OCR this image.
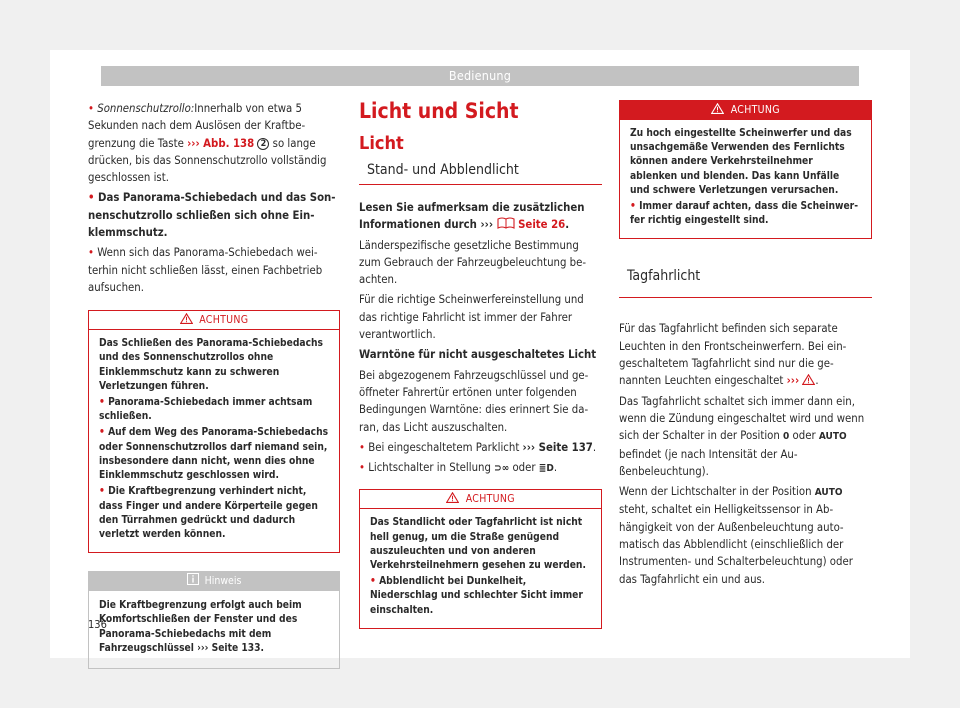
Bedienung

• Sonnenschutzrollo:Innerhalb von etwa 5 Sekunden nach dem Auslösen der Kraftbegrenzung die Taste ››› Abb. 138 2 so lange drücken, bis das Sonnenschutzrollo vollständig geschlossen ist.

• Das Panorama-Schiebedach und das Sonnenschutzrollo schließen sich ohne Einklemmschutz.

• Wenn sich das Panorama-Schiebedach weiterhin nicht schließen lässt, einen Fachbetrieb aufsuchen.

ACHTUNG

Das Schließen des Panorama-Schiebedachs und des Sonnenschutzrollos ohne Einklemmschutz kann zu schweren Verletzungen führen.

• Panorama-Schiebedach immer achtsam schließen.

• Auf dem Weg des Panorama-Schiebedachs oder Sonnenschutzrollos darf niemand sein, insbesondere dann nicht, wenn dies ohne Einklemmschutz geschlossen wird.

• Die Kraftbegrenzung verhindert nicht, dass Finger und andere Körperteile gegen den Türrahmen gedrückt und dadurch verletzt werden können.

Hinweis

Die Kraftbegrenzung erfolgt auch beim Komfortschließen der Fenster und des Panorama-Schiebedachs mit dem Fahrzeugschlüssel ››› Seite 133.

Licht und Sicht
Licht
Stand- und Abblendlicht

Lesen Sie aufmerksam die zusätzlichen Informationen durch ››› Seite 26.

Länderspezifische gesetzliche Bestimmung zum Gebrauch der Fahrzeugbeleuchtung beachten.

Für die richtige Scheinwerfereinstellung und das richtige Fahrlicht ist immer der Fahrer verantwortlich.

Warntöne für nicht ausgeschaltetes Licht

Bei abgezogenem Fahrzeugschlüssel und geöffneter Fahrertür ertönen unter folgenden Bedingungen Warntöne: dies erinnert Sie daran, das Licht auszuschalten.

• Bei eingeschaltetem Parklicht ››› Seite 137.

• Lichtschalter in Stellung ⊃∞ oder ≣D.

ACHTUNG

Das Standlicht oder Tagfahrlicht ist nicht hell genug, um die Straße genügend auszuleuchten und von anderen Verkehrsteilnehmern gesehen zu werden.

• Abblendlicht bei Dunkelheit, Niederschlag und schlechter Sicht immer einschalten.

ACHTUNG

Zu hoch eingestellte Scheinwerfer und das unsachgemäße Verwenden des Fernlichts können andere Verkehrsteilnehmer ablenken und blenden. Das kann Unfälle und schwere Verletzungen verursachen.

• Immer darauf achten, dass die Scheinwerfer richtig eingestellt sind.

Tagfahrlicht

Für das Tagfahrlicht befinden sich separate Leuchten in den Frontscheinwerfern. Bei eingeschaltetem Tagfahrlicht sind nur die genannten Leuchten eingeschaltet ››› .

Das Tagfahrlicht schaltet sich immer dann ein, wenn die Zündung eingeschaltet wird und wenn sich der Schalter in der Position 0 oder AUTO befindet (je nach Intensität der Außenbeleuchtung).

Wenn der Lichtschalter in der Position AUTO steht, schaltet ein Helligkeitssensor in Abhängigkeit von der Außenbeleuchtung automatisch das Abblendlicht (einschließlich der Instrumenten- und Schalterbeleuchtung) oder das Tagfahrlicht ein und aus.

136
